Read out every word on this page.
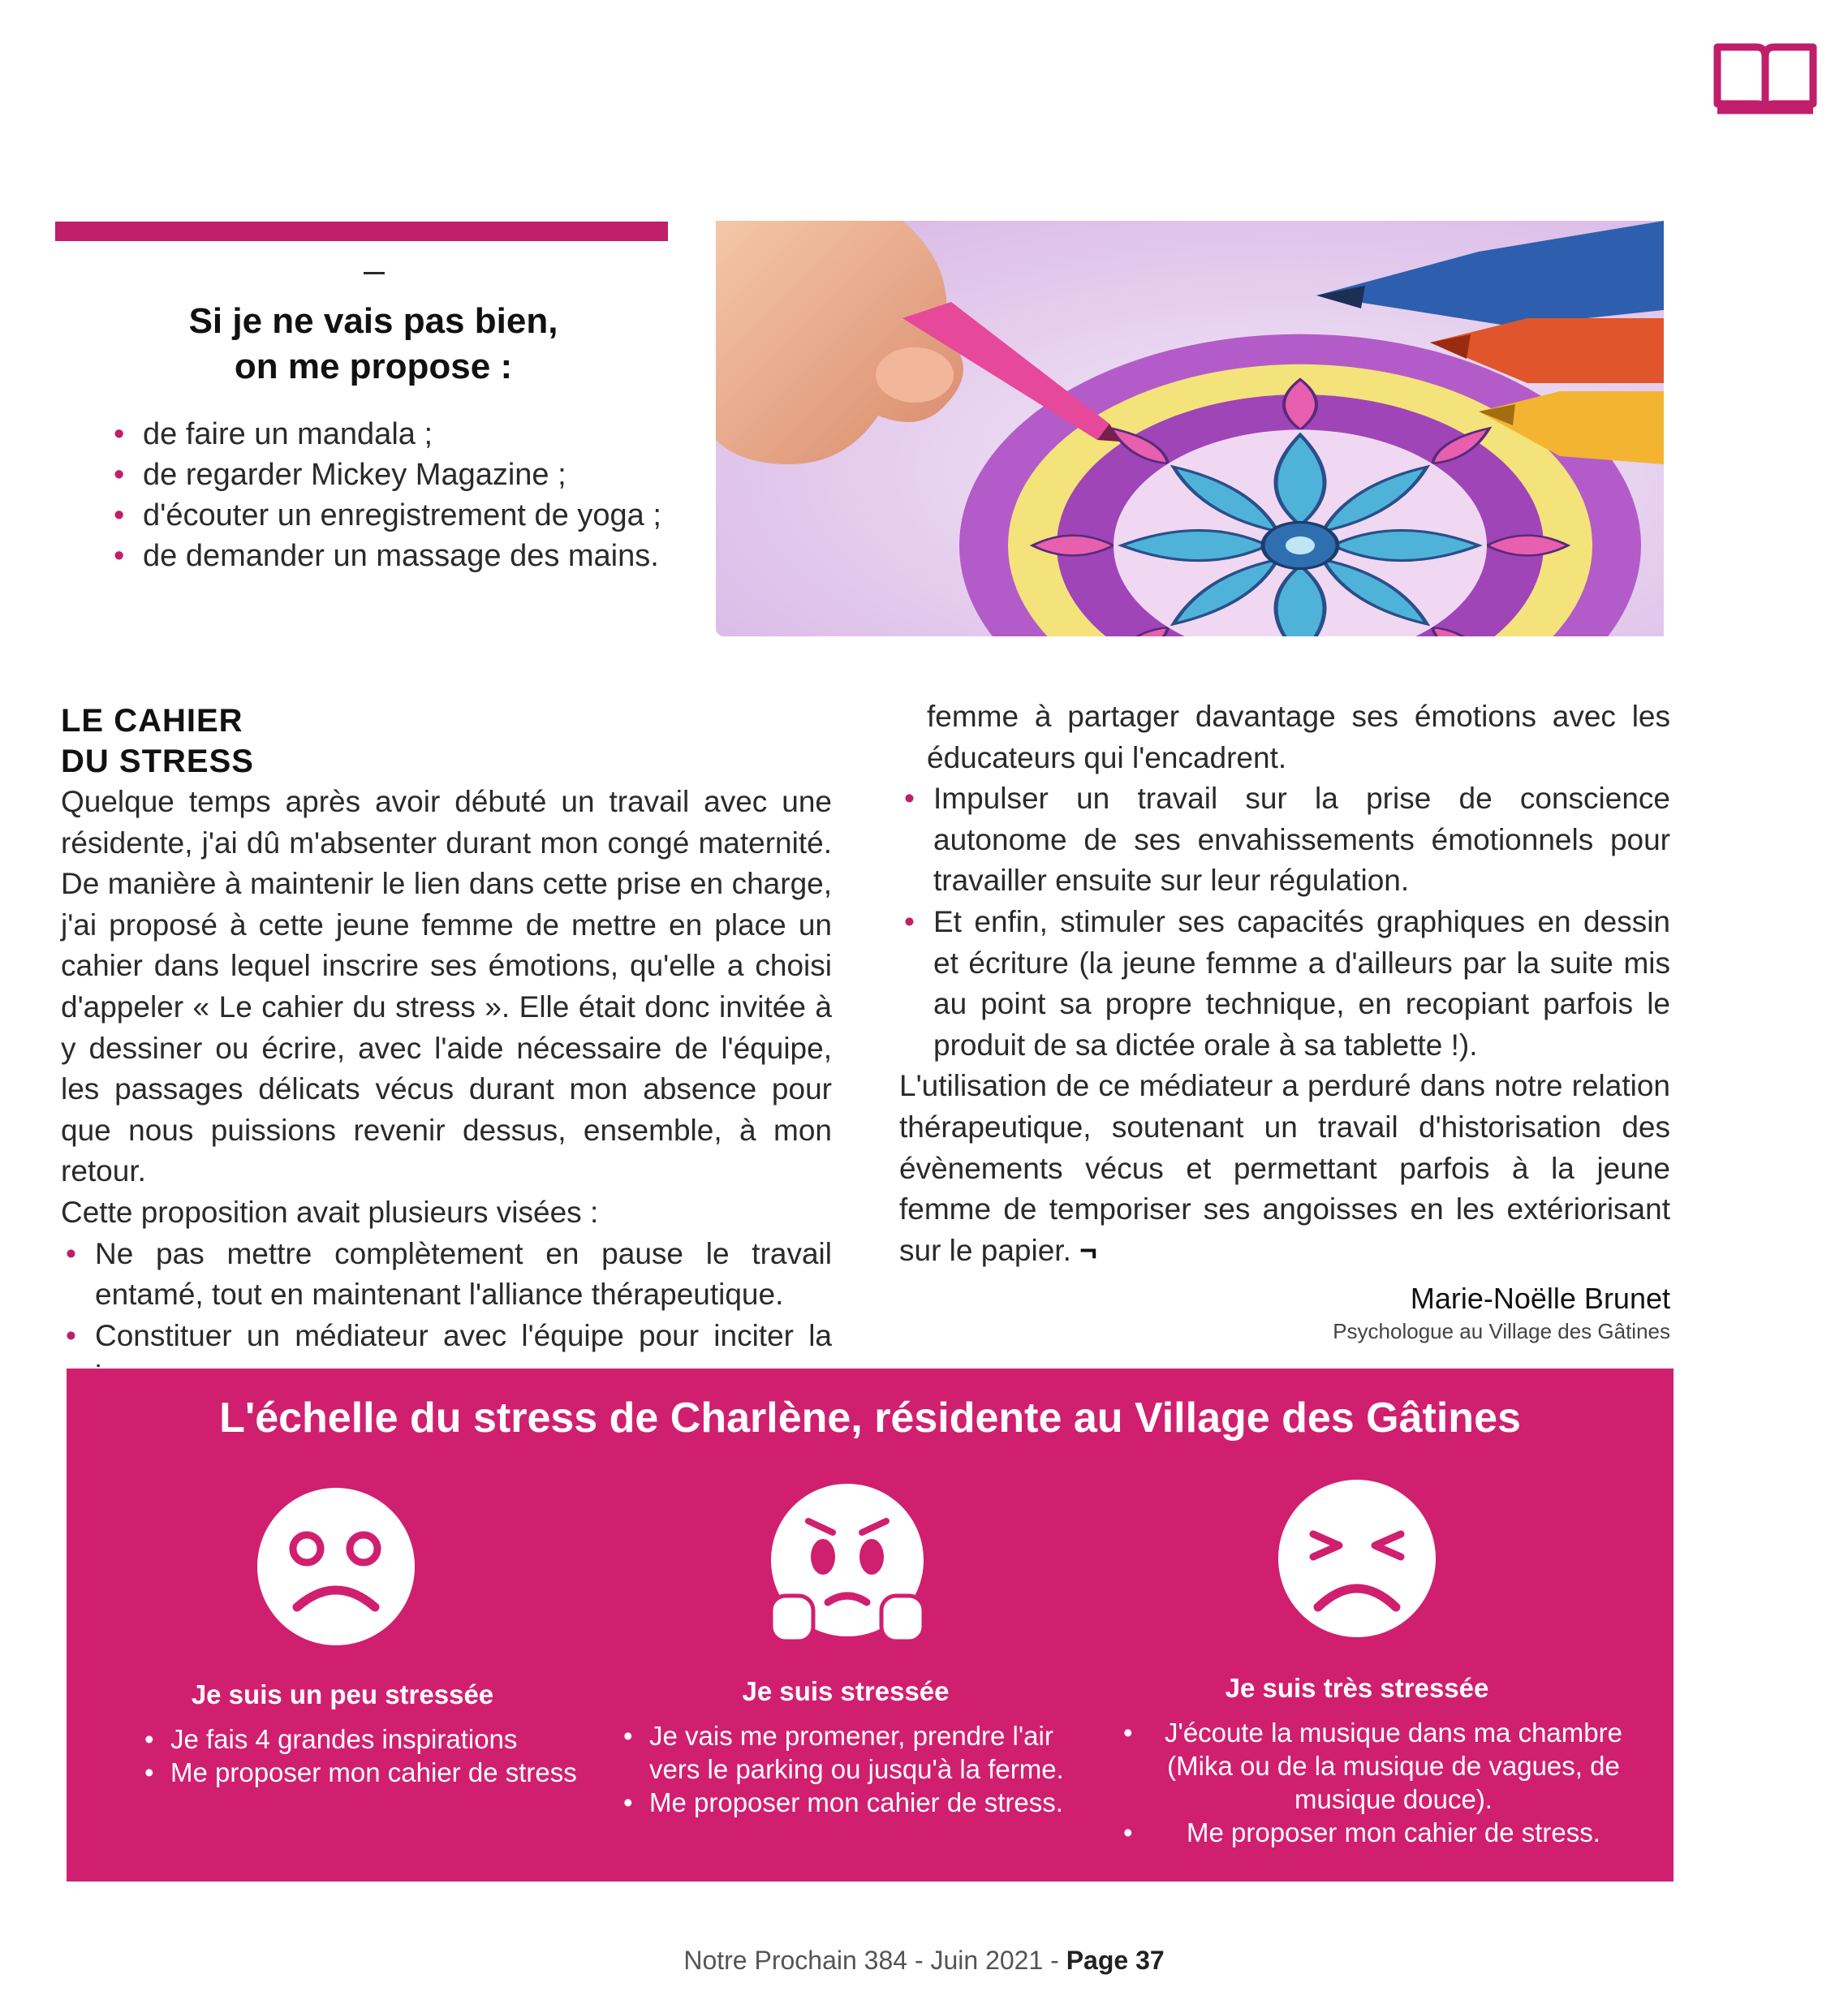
Si je ne vais pas bien,
on me propose :
• de faire un mandala ;
• de regarder Mickey Magazine ;
• d'écouter un enregistrement de yoga ;
• de demander un massage des mains.

LE CAHIER

DU STRESS

Quelque temps après avoir débuté un travail avec une résidente, j'ai dû m'absenter durant mon congé maternité. De manière à maintenir le lien dans cette prise en charge, j'ai proposé à cette jeune femme de mettre en place un cahier dans lequel inscrire ses émotions, qu'elle a choisi d'appeler « Le cahier du stress ». Elle était donc invitée à y dessiner ou écrire, avec l'aide nécessaire de l'équipe, les passages délicats vécus durant mon absence pour que nous puissions revenir dessus, ensemble, à mon retour.

Cette proposition avait plusieurs visées :

• Ne pas mettre complètement en pause le travail entamé, tout en maintenant l'alliance thérapeutique.

• Constituer un médiateur avec l'équipe pour inciter la

femme à partager davantage ses émotions avec les éducateurs qui l'encadrent.

• Impulser un travail sur la prise de conscience autonome de ses envahissements émotionnels pour travailler ensuite sur leur régulation.

• Et enfin, stimuler ses capacités graphiques en dessin et écriture (la jeune femme a d'ailleurs par la suite mis au point sa propre technique, en recopiant parfois le produit de sa dictée orale à sa tablette !).

L'utilisation de ce médiateur a perduré dans notre relation thérapeutique, soutenant un travail d'historisation des évènements vécus et permettant parfois à la jeune femme de temporiser ses angoisses en les extériorisant sur le papier. ¬

Marie-Noëlle Brunet

Psychologue au Village des Gâtines

L'échelle du stress de Charlène, résidente au Village des Gâtines
Je suis un peu stressée
• Je fais 4 grandes inspirations
• Me proposer mon cahier de stress
Je suis stressée
• Je vais me promener, prendre l'air vers le parking ou jusqu'à la ferme.
• Me proposer mon cahier de stress.
Je suis très stressée
• J'écoute la musique dans ma chambre (Mika ou de la musique de vagues, de musique douce).
• Me proposer mon cahier de stress.
Notre Prochain 384 - Juin 2021 - Page 37
